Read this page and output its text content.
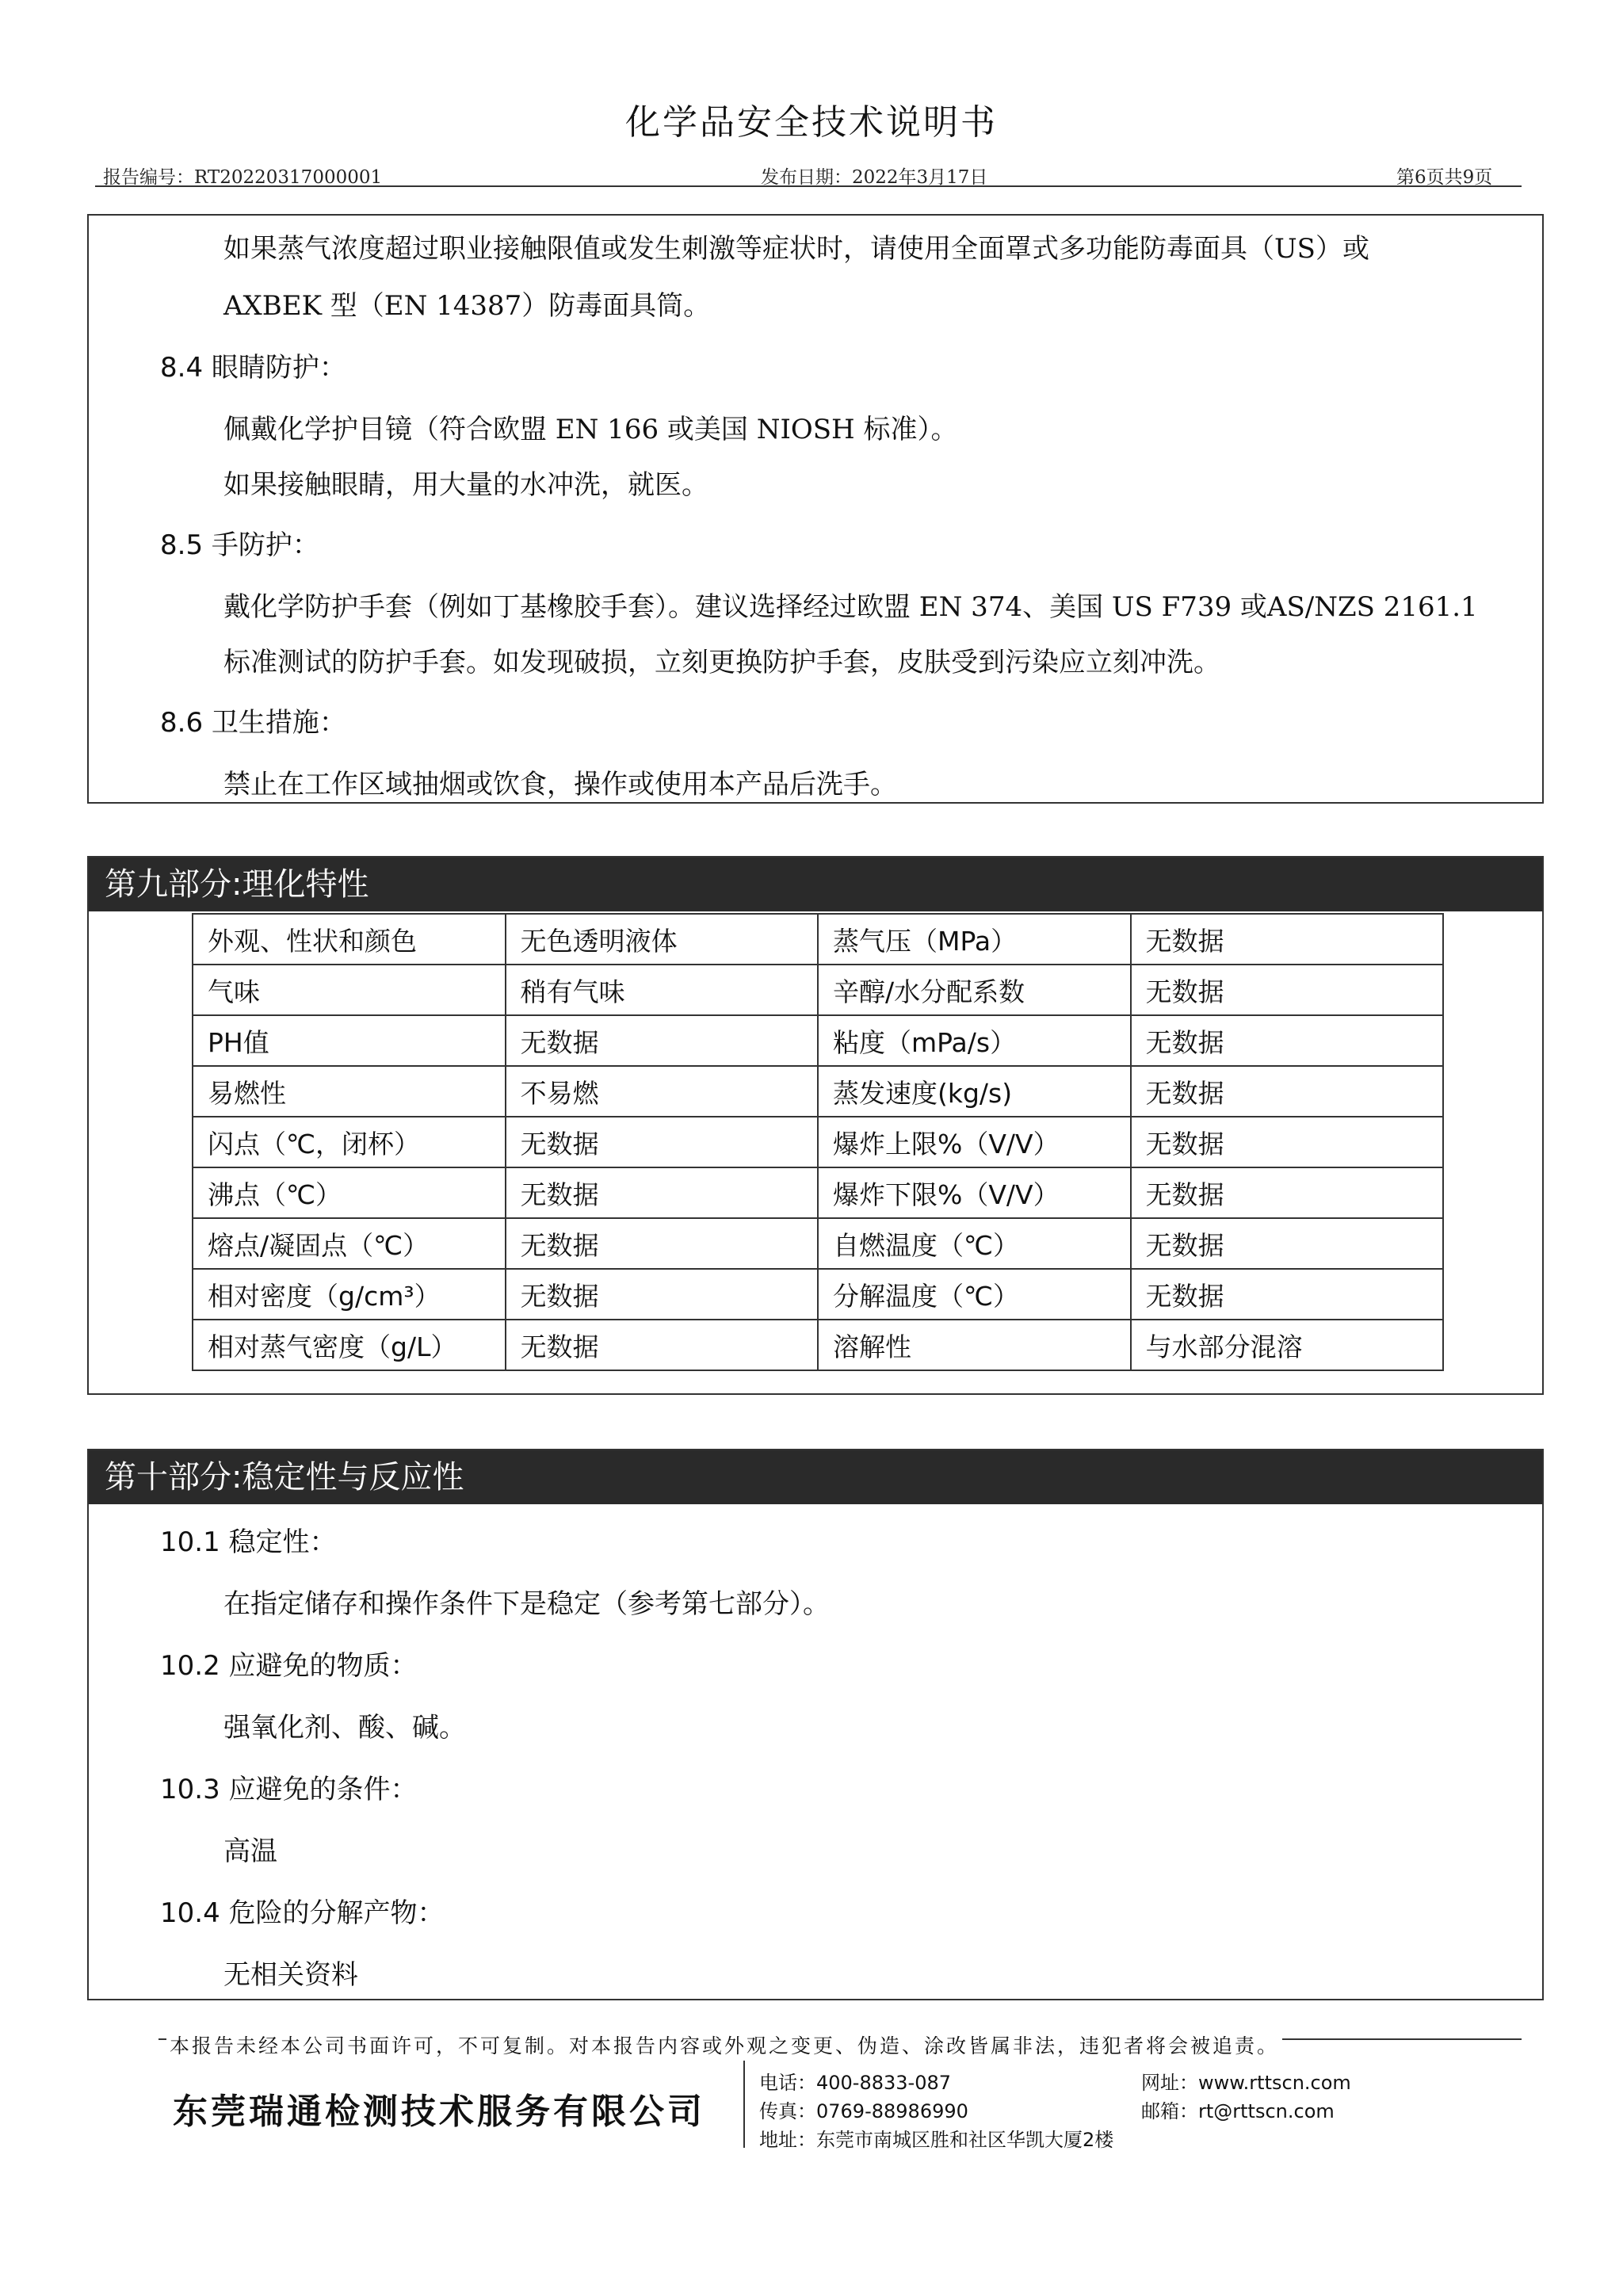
化学品安全技术说明书
报告编号：RT20220317000001	发布日期：2022年3月17日	第6页共9页
如果蒸气浓度超过职业接触限值或发生刺激等症状时，请使用全面罩式多功能防毒面具（US）或
AXBEK 型（EN 14387）防毒面具筒。
8.4 眼睛防护：
佩戴化学护目镜（符合欧盟 EN 166 或美国 NIOSH 标准）。
如果接触眼睛，用大量的水冲洗，就医。
8.5 手防护：
戴化学防护手套（例如丁基橡胶手套）。建议选择经过欧盟 EN 374、美国 US F739 或AS/NZS 2161.1
标准测试的防护手套。如发现破损，立刻更换防护手套，皮肤受到污染应立刻冲洗。
8.6 卫生措施：
禁止在工作区域抽烟或饮食，操作或使用本产品后洗手。
第九部分:理化特性
外观、性状和颜色	无色透明液体	蒸气压（MPa）	无数据
气味	稍有气味	辛醇/水分配系数	无数据
PH值	无数据	粘度（mPa/s）	无数据
易燃性	不易燃	蒸发速度(kg/s)	无数据
闪点（℃，闭杯）	无数据	爆炸上限%（V/V）	无数据
沸点（℃）	无数据	爆炸下限%（V/V）	无数据
熔点/凝固点（℃）	无数据	自燃温度（℃）	无数据
相对密度（g/cm³）	无数据	分解温度（℃）	无数据
相对蒸气密度（g/L）	无数据	溶解性	与水部分混溶
第十部分:稳定性与反应性
10.1 稳定性：
在指定储存和操作条件下是稳定（参考第七部分）。
10.2 应避免的物质：
强氧化剂、酸、碱。
10.3 应避免的条件：
高温
10.4 危险的分解产物：
无相关资料
本报告未经本公司书面许可，不可复制。对本报告内容或外观之变更、伪造、涂改皆属非法，违犯者将会被追责。
东莞瑞通检测技术服务有限公司
电话：400-8833-087
传真：0769-88986990
地址：东莞市南城区胜和社区华凯大厦2楼
网址：www.rttscn.com
邮箱：rt@rttscn.com
